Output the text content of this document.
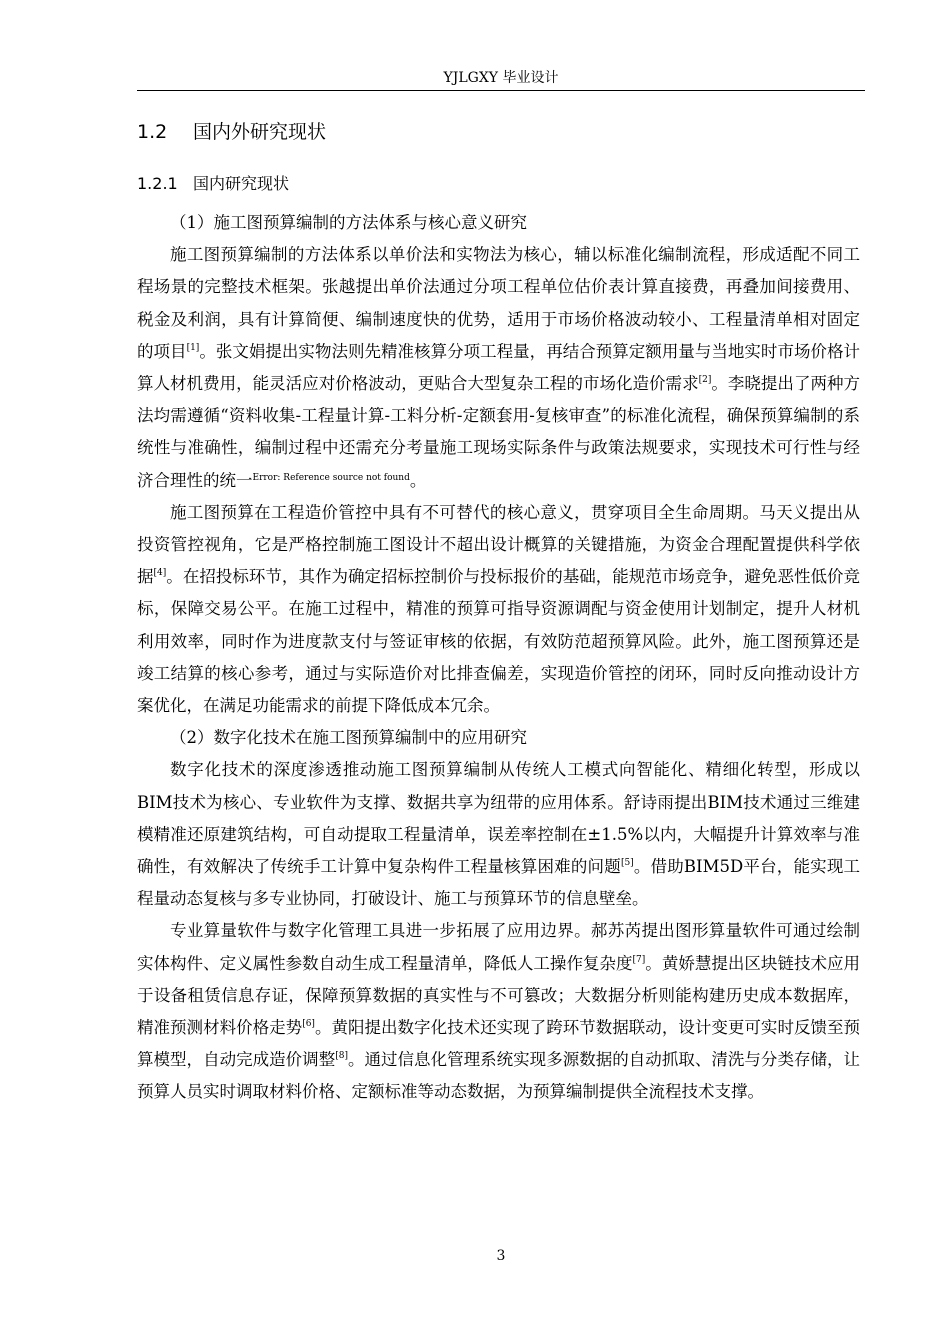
YJLGXY 毕业设计
1.2 国内外研究现状
1.2.1 国内研究现状

（1）施工图预算编制的方法体系与核心意义研究

施工图预算编制的方法体系以单价法和实物法为核心，辅以标准化编制流程，形成适配不同工程场景的完整技术框架。张越提出单价法通过分项工程单位估价表计算直接费，再叠加间接费用、税金及利润，具有计算简便、编制速度快的优势，适用于市场价格波动较小、工程量清单相对固定的项目[1]。张文娟提出实物法则先精准核算分项工程量，再结合预算定额用量与当地实时市场价格计算人材机费用，能灵活应对价格波动，更贴合大型复杂工程的市场化造价需求[2]。李晓提出了两种方法均需遵循“资料收集-工程量计算-工料分析-定额套用-复核审查”的标准化流程，确保预算编制的系统性与准确性，编制过程中还需充分考量施工现场实际条件与政策法规要求，实现技术可行性与经济合理性的统一$^{Error: Reference source not found}$。

施工图预算在工程造价管控中具有不可替代的核心意义，贯穿项目全生命周期。马天义提出从投资管控视角，它是严格控制施工图设计不超出设计概算的关键措施，为资金合理配置提供科学依据[4]。在招投标环节，其作为确定招标控制价与投标报价的基础，能规范市场竞争，避免恶性低价竞标，保障交易公平。在施工过程中，精准的预算可指导资源调配与资金使用计划制定，提升人材机利用效率，同时作为进度款支付与签证审核的依据，有效防范超预算风险。此外，施工图预算还是竣工结算的核心参考，通过与实际造价对比排查偏差，实现造价管控的闭环，同时反向推动设计方案优化，在满足功能需求的前提下降低成本冗余。

（2）数字化技术在施工图预算编制中的应用研究

数字化技术的深度渗透推动施工图预算编制从传统人工模式向智能化、精细化转型，形成以BIM技术为核心、专业软件为支撑、数据共享为纽带的应用体系。舒诗雨提出BIM技术通过三维建模精准还原建筑结构，可自动提取工程量清单，误差率控制在±1.5%以内，大幅提升计算效率与准确性，有效解决了传统手工计算中复杂构件工程量核算困难的问题[5]。借助BIM5D平台，能实现工程量动态复核与多专业协同，打破设计、施工与预算环节的信息壁垒。

专业算量软件与数字化管理工具进一步拓展了应用边界。郝苏芮提出图形算量软件可通过绘制实体构件、定义属性参数自动生成工程量清单，降低人工操作复杂度[7]。黄娇慧提出区块链技术应用于设备租赁信息存证，保障预算数据的真实性与不可篡改；大数据分析则能构建历史成本数据库，精准预测材料价格走势[6]。黄阳提出数字化技术还实现了跨环节数据联动，设计变更可实时反馈至预算模型，自动完成造价调整[8]。通过信息化管理系统实现多源数据的自动抓取、清洗与分类存储，让预算人员实时调取材料价格、定额标准等动态数据，为预算编制提供全流程技术支撑。

3
